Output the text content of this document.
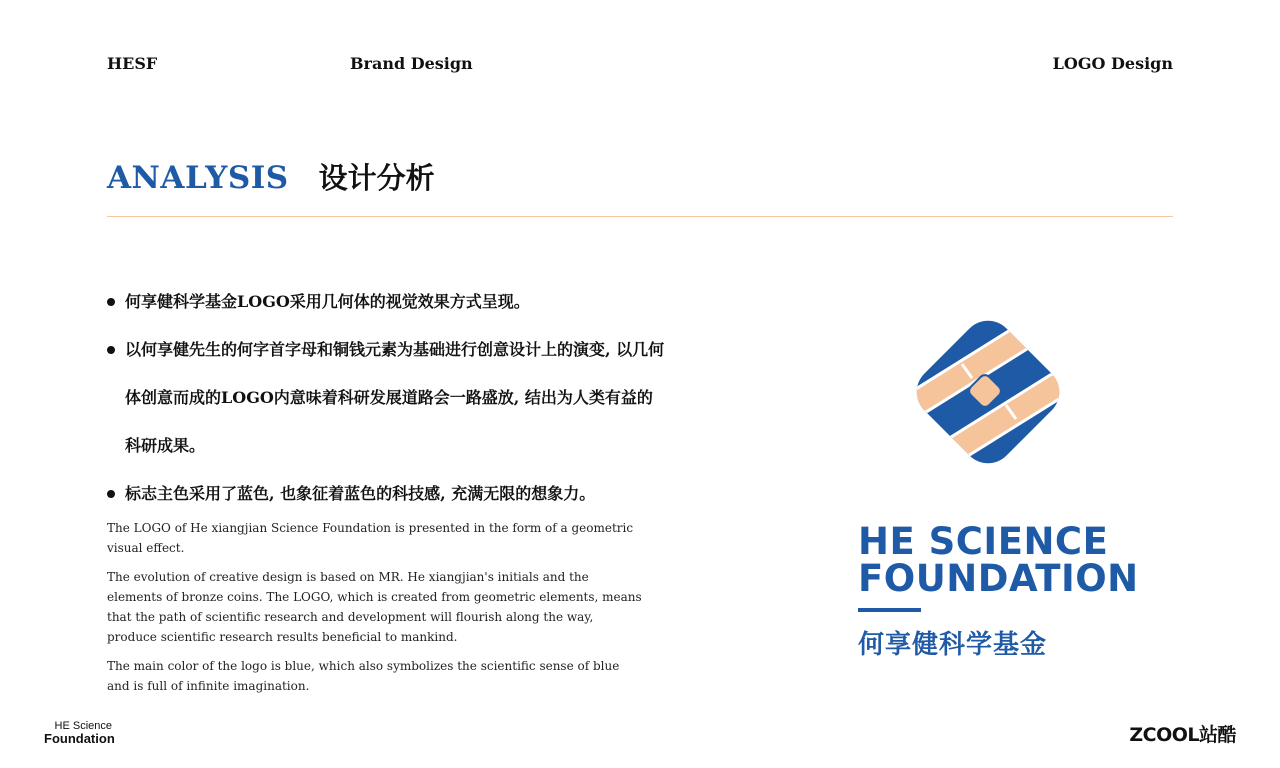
HESF	Brand Design	LOGO Design
ANALYSIS 设计分析
何享健科学基金LOGO采用几何体的视觉效果方式呈现。
以何享健先生的何字首字母和铜钱元素为基础进行创意设计上的演变, 以几何体创意而成的LOGO内意味着科研发展道路会一路盛放, 结出为人类有益的科研成果。
标志主色采用了蓝色, 也象征着蓝色的科技感, 充满无限的想象力。

The LOGO of He xiangjian Science Foundation is presented in the form of a geometric visual effect.

The evolution of creative design is based on MR. He xiangjian's initials and the elements of bronze coins. The LOGO, which is created from geometric elements, means that the path of scientific research and development will flourish along the way, produce scientific research results beneficial to mankind.

The main color of the logo is blue, which also symbolizes the scientific sense of blue and is full of infinite imagination.

HE SCIENCE
FOUNDATION
何享健科学基金
HE Science
Foundation	ZCOOL站酷
